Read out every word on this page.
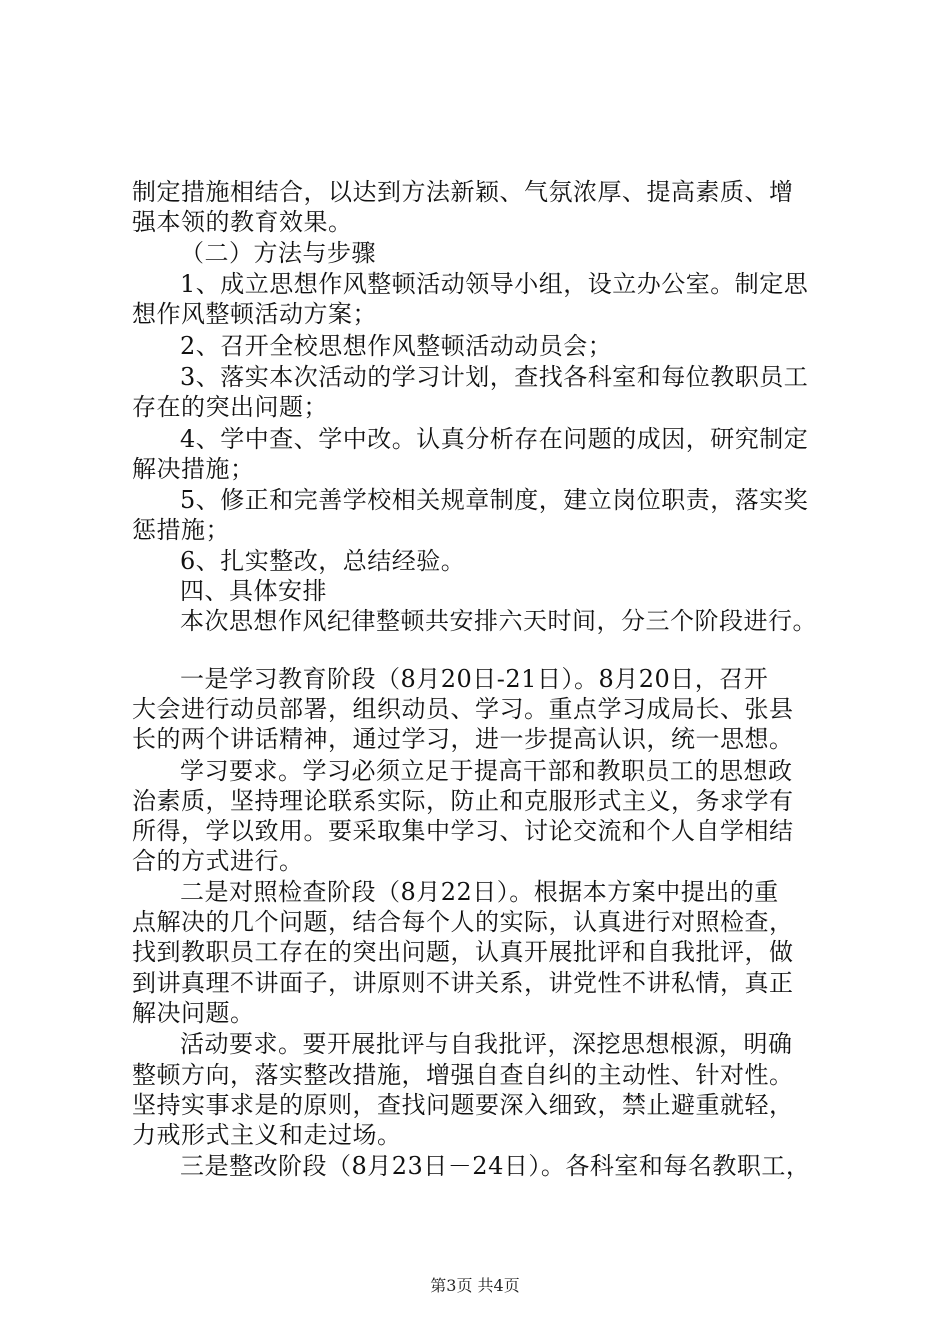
制定措施相结合，以达到方法新颖、气氛浓厚、提高素质、增
强本领的教育效果。
（二）方法与步骤
1、成立思想作风整顿活动领导小组，设立办公室。制定思
想作风整顿活动方案；
2、召开全校思想作风整顿活动动员会；
3、落实本次活动的学习计划，查找各科室和每位教职员工
存在的突出问题；
4、学中查、学中改。认真分析存在问题的成因，研究制定
解决措施；
5、修正和完善学校相关规章制度，建立岗位职责，落实奖
惩措施；
6、扎实整改，总结经验。
四、具体安排
本次思想作风纪律整顿共安排六天时间，分三个阶段进行。
一是学习教育阶段（8月20日-21日）。8月20日，召开
大会进行动员部署，组织动员、学习。重点学习成局长、张县
长的两个讲话精神，通过学习，进一步提高认识，统一思想。
学习要求。学习必须立足于提高干部和教职员工的思想政
治素质，坚持理论联系实际，防止和克服形式主义，务求学有
所得，学以致用。要采取集中学习、讨论交流和个人自学相结
合的方式进行。
二是对照检查阶段（8月22日）。根据本方案中提出的重
点解决的几个问题，结合每个人的实际，认真进行对照检查，
找到教职员工存在的突出问题，认真开展批评和自我批评，做
到讲真理不讲面子，讲原则不讲关系，讲党性不讲私情，真正
解决问题。
活动要求。要开展批评与自我批评，深挖思想根源，明确
整顿方向，落实整改措施，增强自查自纠的主动性、针对性。
坚持实事求是的原则，查找问题要深入细致，禁止避重就轻，
力戒形式主义和走过场。
三是整改阶段（8月23日－24日）。各科室和每名教职工，
第3页 共4页
